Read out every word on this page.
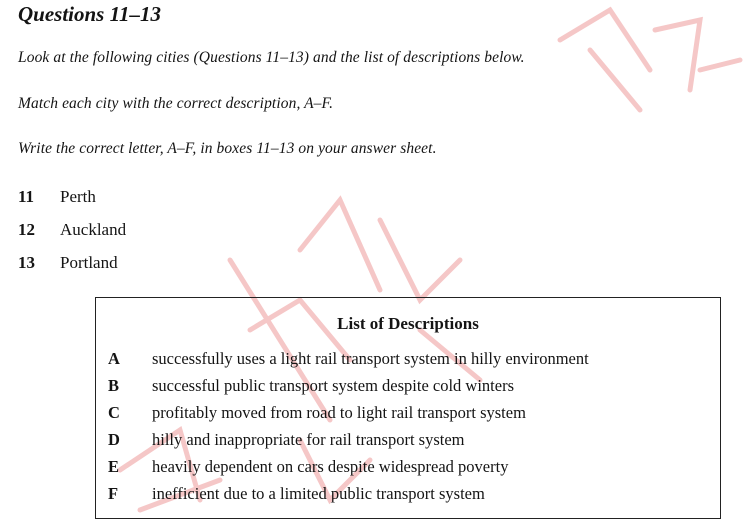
Questions 11–13
Look at the following cities (Questions 11–13) and the list of descriptions below.
Match each city with the correct description, A–F.
Write the correct letter, A–F, in boxes 11–13 on your answer sheet.
11	Perth
12	Auckland
13	Portland
List of Descriptions
A	successfully uses a light rail transport system in hilly environment
B	successful public transport system despite cold winters
C	profitably moved from road to light rail transport system
D	hilly and inappropriate for rail transport system
E	heavily dependent on cars despite widespread poverty
F	inefficient due to a limited public transport system
